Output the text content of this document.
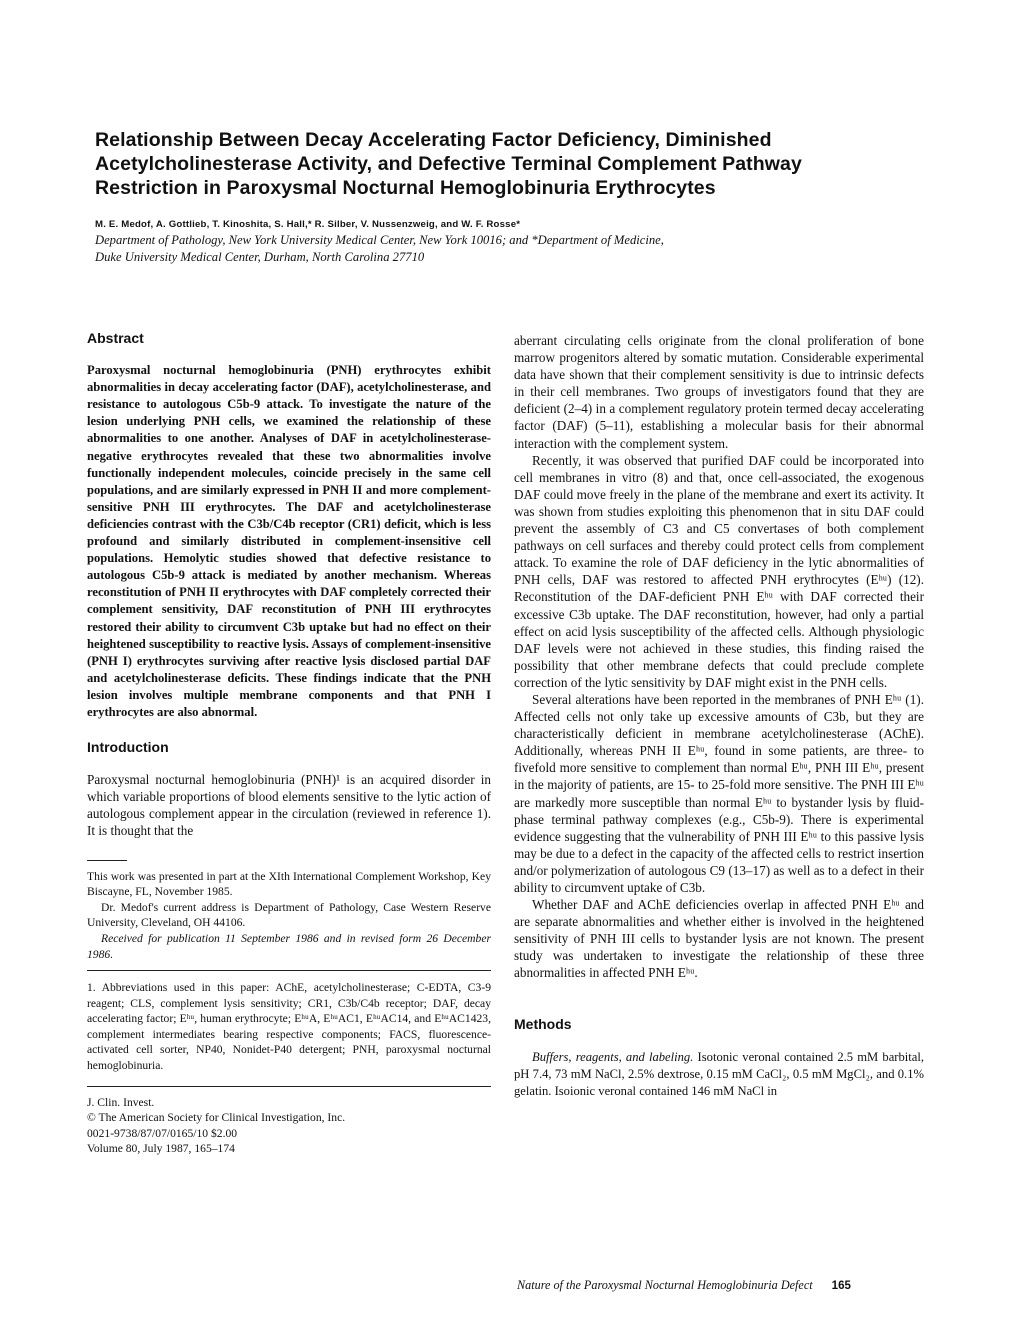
Relationship Between Decay Accelerating Factor Deficiency, Diminished
Acetylcholinesterase Activity, and Defective Terminal Complement Pathway
Restriction in Paroxysmal Nocturnal Hemoglobinuria Erythrocytes
M. E. Medof, A. Gottlieb, T. Kinoshita, S. Hall,* R. Silber, V. Nussenzweig, and W. F. Rosse*
Department of Pathology, New York University Medical Center, New York 10016; and *Department of Medicine,
Duke University Medical Center, Durham, North Carolina 27710
Abstract

Paroxysmal nocturnal hemoglobinuria (PNH) erythrocytes exhibit abnormalities in decay accelerating factor (DAF), acetylcholinesterase, and resistance to autologous C5b-9 attack. To investigate the nature of the lesion underlying PNH cells, we examined the relationship of these abnormalities to one another. Analyses of DAF in acetylcholinesterase-negative erythrocytes revealed that these two abnormalities involve functionally independent molecules, coincide precisely in the same cell populations, and are similarly expressed in PNH II and more complement-sensitive PNH III erythrocytes. The DAF and acetylcholinesterase deficiencies contrast with the C3b/C4b receptor (CR1) deficit, which is less profound and similarly distributed in complement-insensitive cell populations. Hemolytic studies showed that defective resistance to autologous C5b-9 attack is mediated by another mechanism. Whereas reconstitution of PNH II erythrocytes with DAF completely corrected their complement sensitivity, DAF reconstitution of PNH III erythrocytes restored their ability to circumvent C3b uptake but had no effect on their heightened susceptibility to reactive lysis. Assays of complement-insensitive (PNH I) erythrocytes surviving after reactive lysis disclosed partial DAF and acetylcholinesterase deficits. These findings indicate that the PNH lesion involves multiple membrane components and that PNH I erythrocytes are also abnormal.

Introduction

Paroxysmal nocturnal hemoglobinuria (PNH)¹ is an acquired disorder in which variable proportions of blood elements sensitive to the lytic action of autologous complement appear in the circulation (reviewed in reference 1). It is thought that the

This work was presented in part at the XIth International Complement Workshop, Key Biscayne, FL, November 1985.

Dr. Medof's current address is Department of Pathology, Case Western Reserve University, Cleveland, OH 44106.

Received for publication 11 September 1986 and in revised form 26 December 1986.

1. Abbreviations used in this paper: AChE, acetylcholinesterase; C-EDTA, C3-9 reagent; CLS, complement lysis sensitivity; CR1, C3b/C4b receptor; DAF, decay accelerating factor; Eʰᵘ, human erythrocyte; EʰᵘA, EʰᵘAC1, EʰᵘAC14, and EʰᵘAC1423, complement intermediates bearing respective components; FACS, fluorescence-activated cell sorter, NP40, Nonidet-P40 detergent; PNH, paroxysmal nocturnal hemoglobinuria.

J. Clin. Invest.

© The American Society for Clinical Investigation, Inc.

0021-9738/87/07/0165/10 $2.00

Volume 80, July 1987, 165–174

aberrant circulating cells originate from the clonal proliferation of bone marrow progenitors altered by somatic mutation. Considerable experimental data have shown that their complement sensitivity is due to intrinsic defects in their cell membranes. Two groups of investigators found that they are deficient (2–4) in a complement regulatory protein termed decay accelerating factor (DAF) (5–11), establishing a molecular basis for their abnormal interaction with the complement system.

Recently, it was observed that purified DAF could be incorporated into cell membranes in vitro (8) and that, once cell-associated, the exogenous DAF could move freely in the plane of the membrane and exert its activity. It was shown from studies exploiting this phenomenon that in situ DAF could prevent the assembly of C3 and C5 convertases of both complement pathways on cell surfaces and thereby could protect cells from complement attack. To examine the role of DAF deficiency in the lytic abnormalities of PNH cells, DAF was restored to affected PNH erythrocytes (Eʰᵘ) (12). Reconstitution of the DAF-deficient PNH Eʰᵘ with DAF corrected their excessive C3b uptake. The DAF reconstitution, however, had only a partial effect on acid lysis susceptibility of the affected cells. Although physiologic DAF levels were not achieved in these studies, this finding raised the possibility that other membrane defects that could preclude complete correction of the lytic sensitivity by DAF might exist in the PNH cells.

Several alterations have been reported in the membranes of PNH Eʰᵘ (1). Affected cells not only take up excessive amounts of C3b, but they are characteristically deficient in membrane acetylcholinesterase (AChE). Additionally, whereas PNH II Eʰᵘ, found in some patients, are three- to fivefold more sensitive to complement than normal Eʰᵘ, PNH III Eʰᵘ, present in the majority of patients, are 15- to 25-fold more sensitive. The PNH III Eʰᵘ are markedly more susceptible than normal Eʰᵘ to bystander lysis by fluid-phase terminal pathway complexes (e.g., C5b-9). There is experimental evidence suggesting that the vulnerability of PNH III Eʰᵘ to this passive lysis may be due to a defect in the capacity of the affected cells to restrict insertion and/or polymerization of autologous C9 (13–17) as well as to a defect in their ability to circumvent uptake of C3b.

Whether DAF and AChE deficiencies overlap in affected PNH Eʰᵘ and are separate abnormalities and whether either is involved in the heightened sensitivity of PNH III cells to bystander lysis are not known. The present study was undertaken to investigate the relationship of these three abnormalities in affected PNH Eʰᵘ.

Methods

Buffers, reagents, and labeling. Isotonic veronal contained 2.5 mM barbital, pH 7.4, 73 mM NaCl, 2.5% dextrose, 0.15 mM CaCl₂, 0.5 mM MgCl₂, and 0.1% gelatin. Isoionic veronal contained 146 mM NaCl in

Nature of the Paroxysmal Nocturnal Hemoglobinuria Defect 165
